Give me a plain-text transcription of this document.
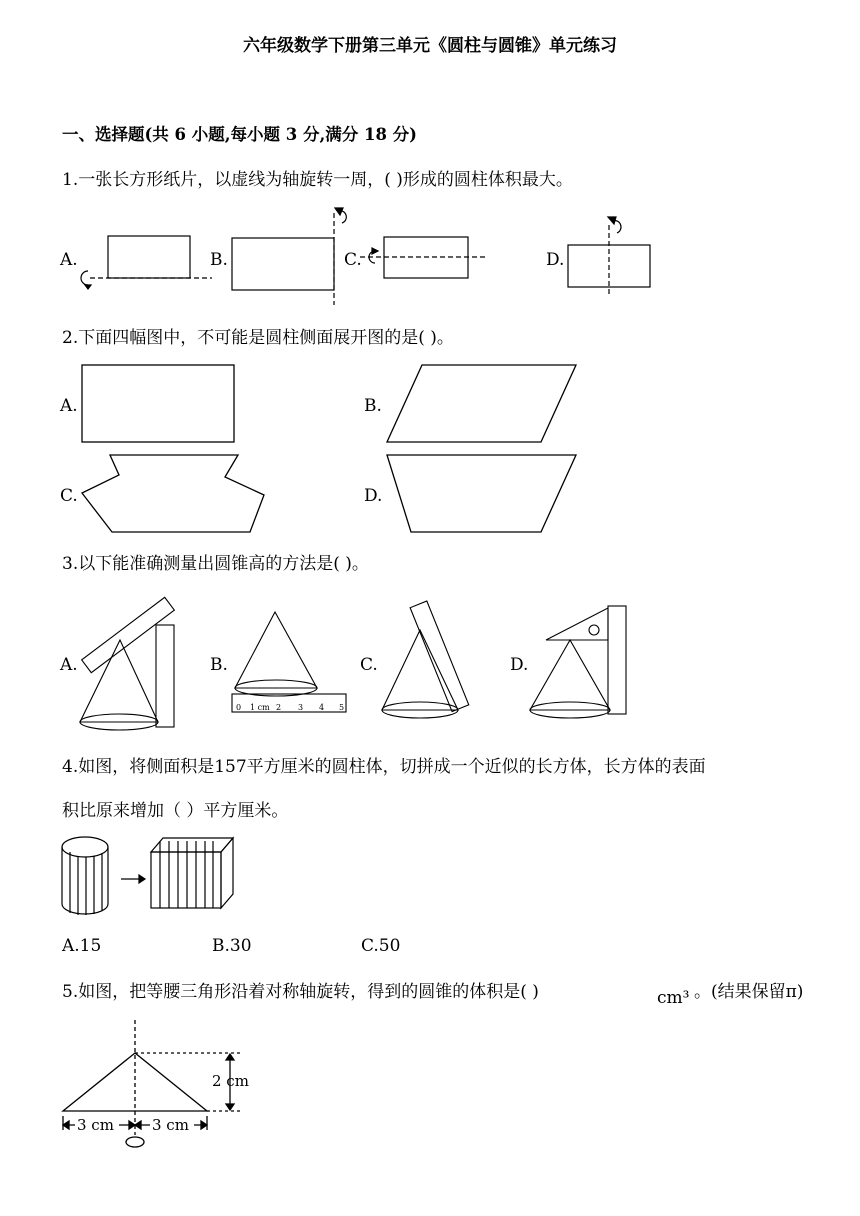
六年级数学下册第三单元《圆柱与圆锥》单元练习
一、选择题(共 6 小题,每小题 3 分,满分 18 分)
1.一张长方形纸片，以虚线为轴旋转一周，( )形成的圆柱体积最大。
A.	B.	C.	D.
2.下面四幅图中，不可能是圆柱侧面展开图的是( )。
A.	B.
C.	D.
3.以下能准确测量出圆锥高的方法是( )。
A.	B.	C.	D.
0 1 cm 2 3 4 5
4.如图，将侧面积是157平方厘米的圆柱体，切拼成一个近似的长方体，长方体的表面
积比原来增加（ ）平方厘米。
A.15	B.30	C.50
5.如图，把等腰三角形沿着对称轴旋转，得到的圆锥的体积是( )	cm³ 。(结果保留π)
2 cm
3 cm	3 cm
